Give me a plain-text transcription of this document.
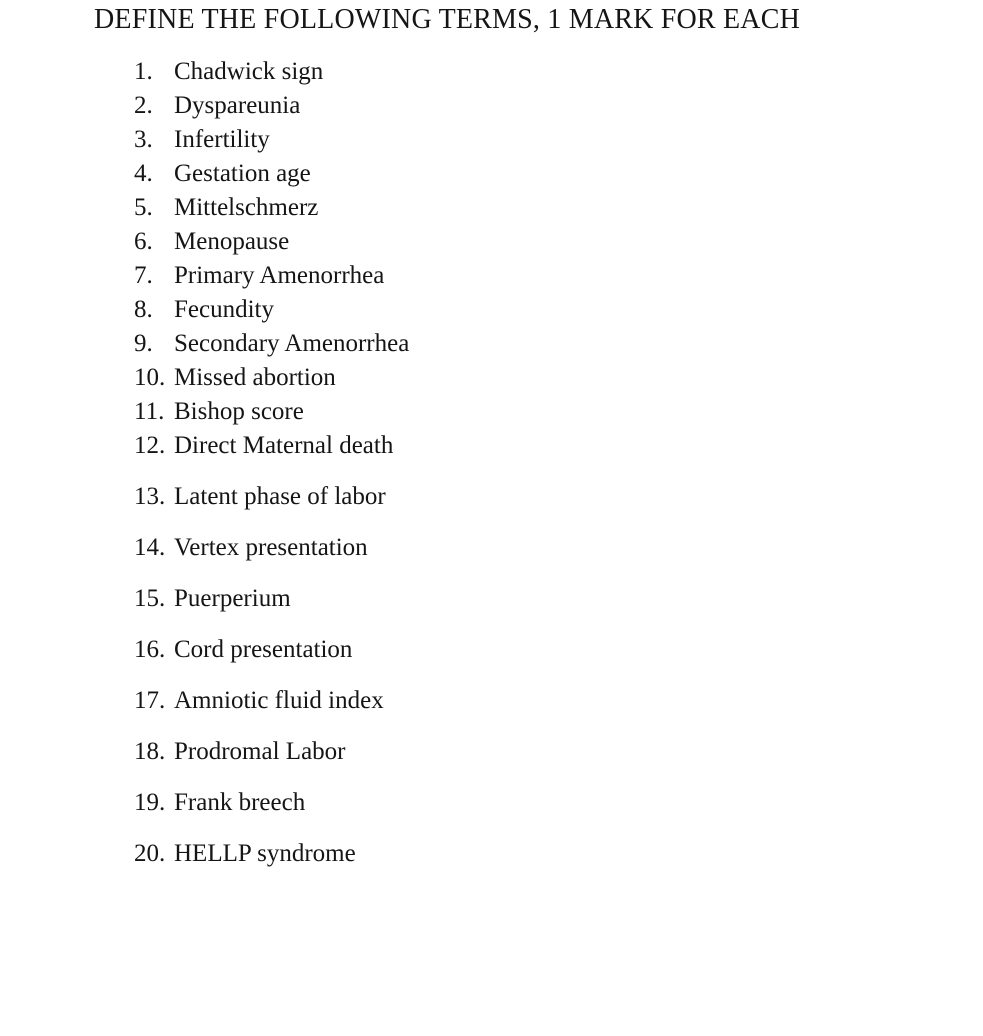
DEFINE THE FOLLOWING TERMS, 1 MARK FOR EACH
1. Chadwick sign
2. Dyspareunia
3. Infertility
4. Gestation age
5. Mittelschmerz
6. Menopause
7. Primary Amenorrhea
8. Fecundity
9. Secondary Amenorrhea
10. Missed abortion
11. Bishop score
12. Direct Maternal death
13. Latent phase of labor
14. Vertex presentation
15. Puerperium
16. Cord presentation
17. Amniotic fluid index
18. Prodromal Labor
19. Frank breech
20. HELLP syndrome
